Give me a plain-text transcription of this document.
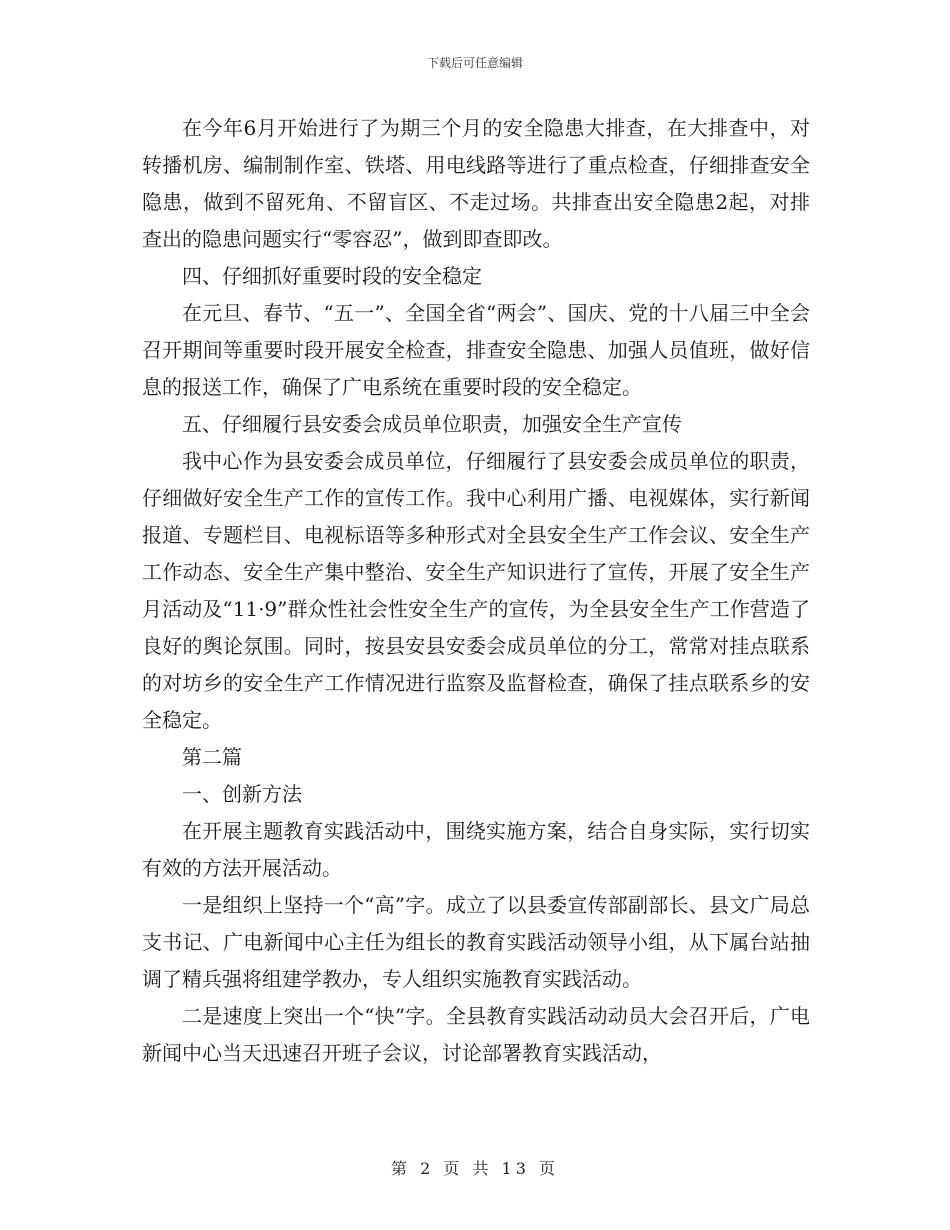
下载后可任意编辑

在今年6月开始进行了为期三个月的安全隐患大排查，在大排查中，对转播机房、编制制作室、铁塔、用电线路等进行了重点检查，仔细排查安全隐患，做到不留死角、不留盲区、不走过场。共排查出安全隐患2起，对排查出的隐患问题实行“零容忍”，做到即查即改。

四、仔细抓好重要时段的安全稳定

在元旦、春节、“五一”、全国全省“两会”、国庆、党的十八届三中全会召开期间等重要时段开展安全检查，排查安全隐患、加强人员值班，做好信息的报送工作，确保了广电系统在重要时段的安全稳定。

五、仔细履行县安委会成员单位职责，加强安全生产宣传

我中心作为县安委会成员单位，仔细履行了县安委会成员单位的职责，仔细做好安全生产工作的宣传工作。我中心利用广播、电视媒体，实行新闻报道、专题栏目、电视标语等多种形式对全县安全生产工作会议、安全生产工作动态、安全生产集中整治、安全生产知识进行了宣传，开展了安全生产月活动及“11·9”群众性社会性安全生产的宣传，为全县安全生产工作营造了良好的舆论氛围。同时，按县安县安委会成员单位的分工，常常对挂点联系的对坊乡的安全生产工作情况进行监察及监督检查，确保了挂点联系乡的安全稳定。

第二篇

一、创新方法

在开展主题教育实践活动中，围绕实施方案，结合自身实际，实行切实有效的方法开展活动。

一是组织上坚持一个“高”字。成立了以县委宣传部副部长、县文广局总支书记、广电新闻中心主任为组长的教育实践活动领导小组，从下属台站抽调了精兵强将组建学教办，专人组织实施教育实践活动。

二是速度上突出一个“快”字。全县教育实践活动动员大会召开后，广电新闻中心当天迅速召开班子会议，讨论部署教育实践活动，

第 2 页 共 13 页
